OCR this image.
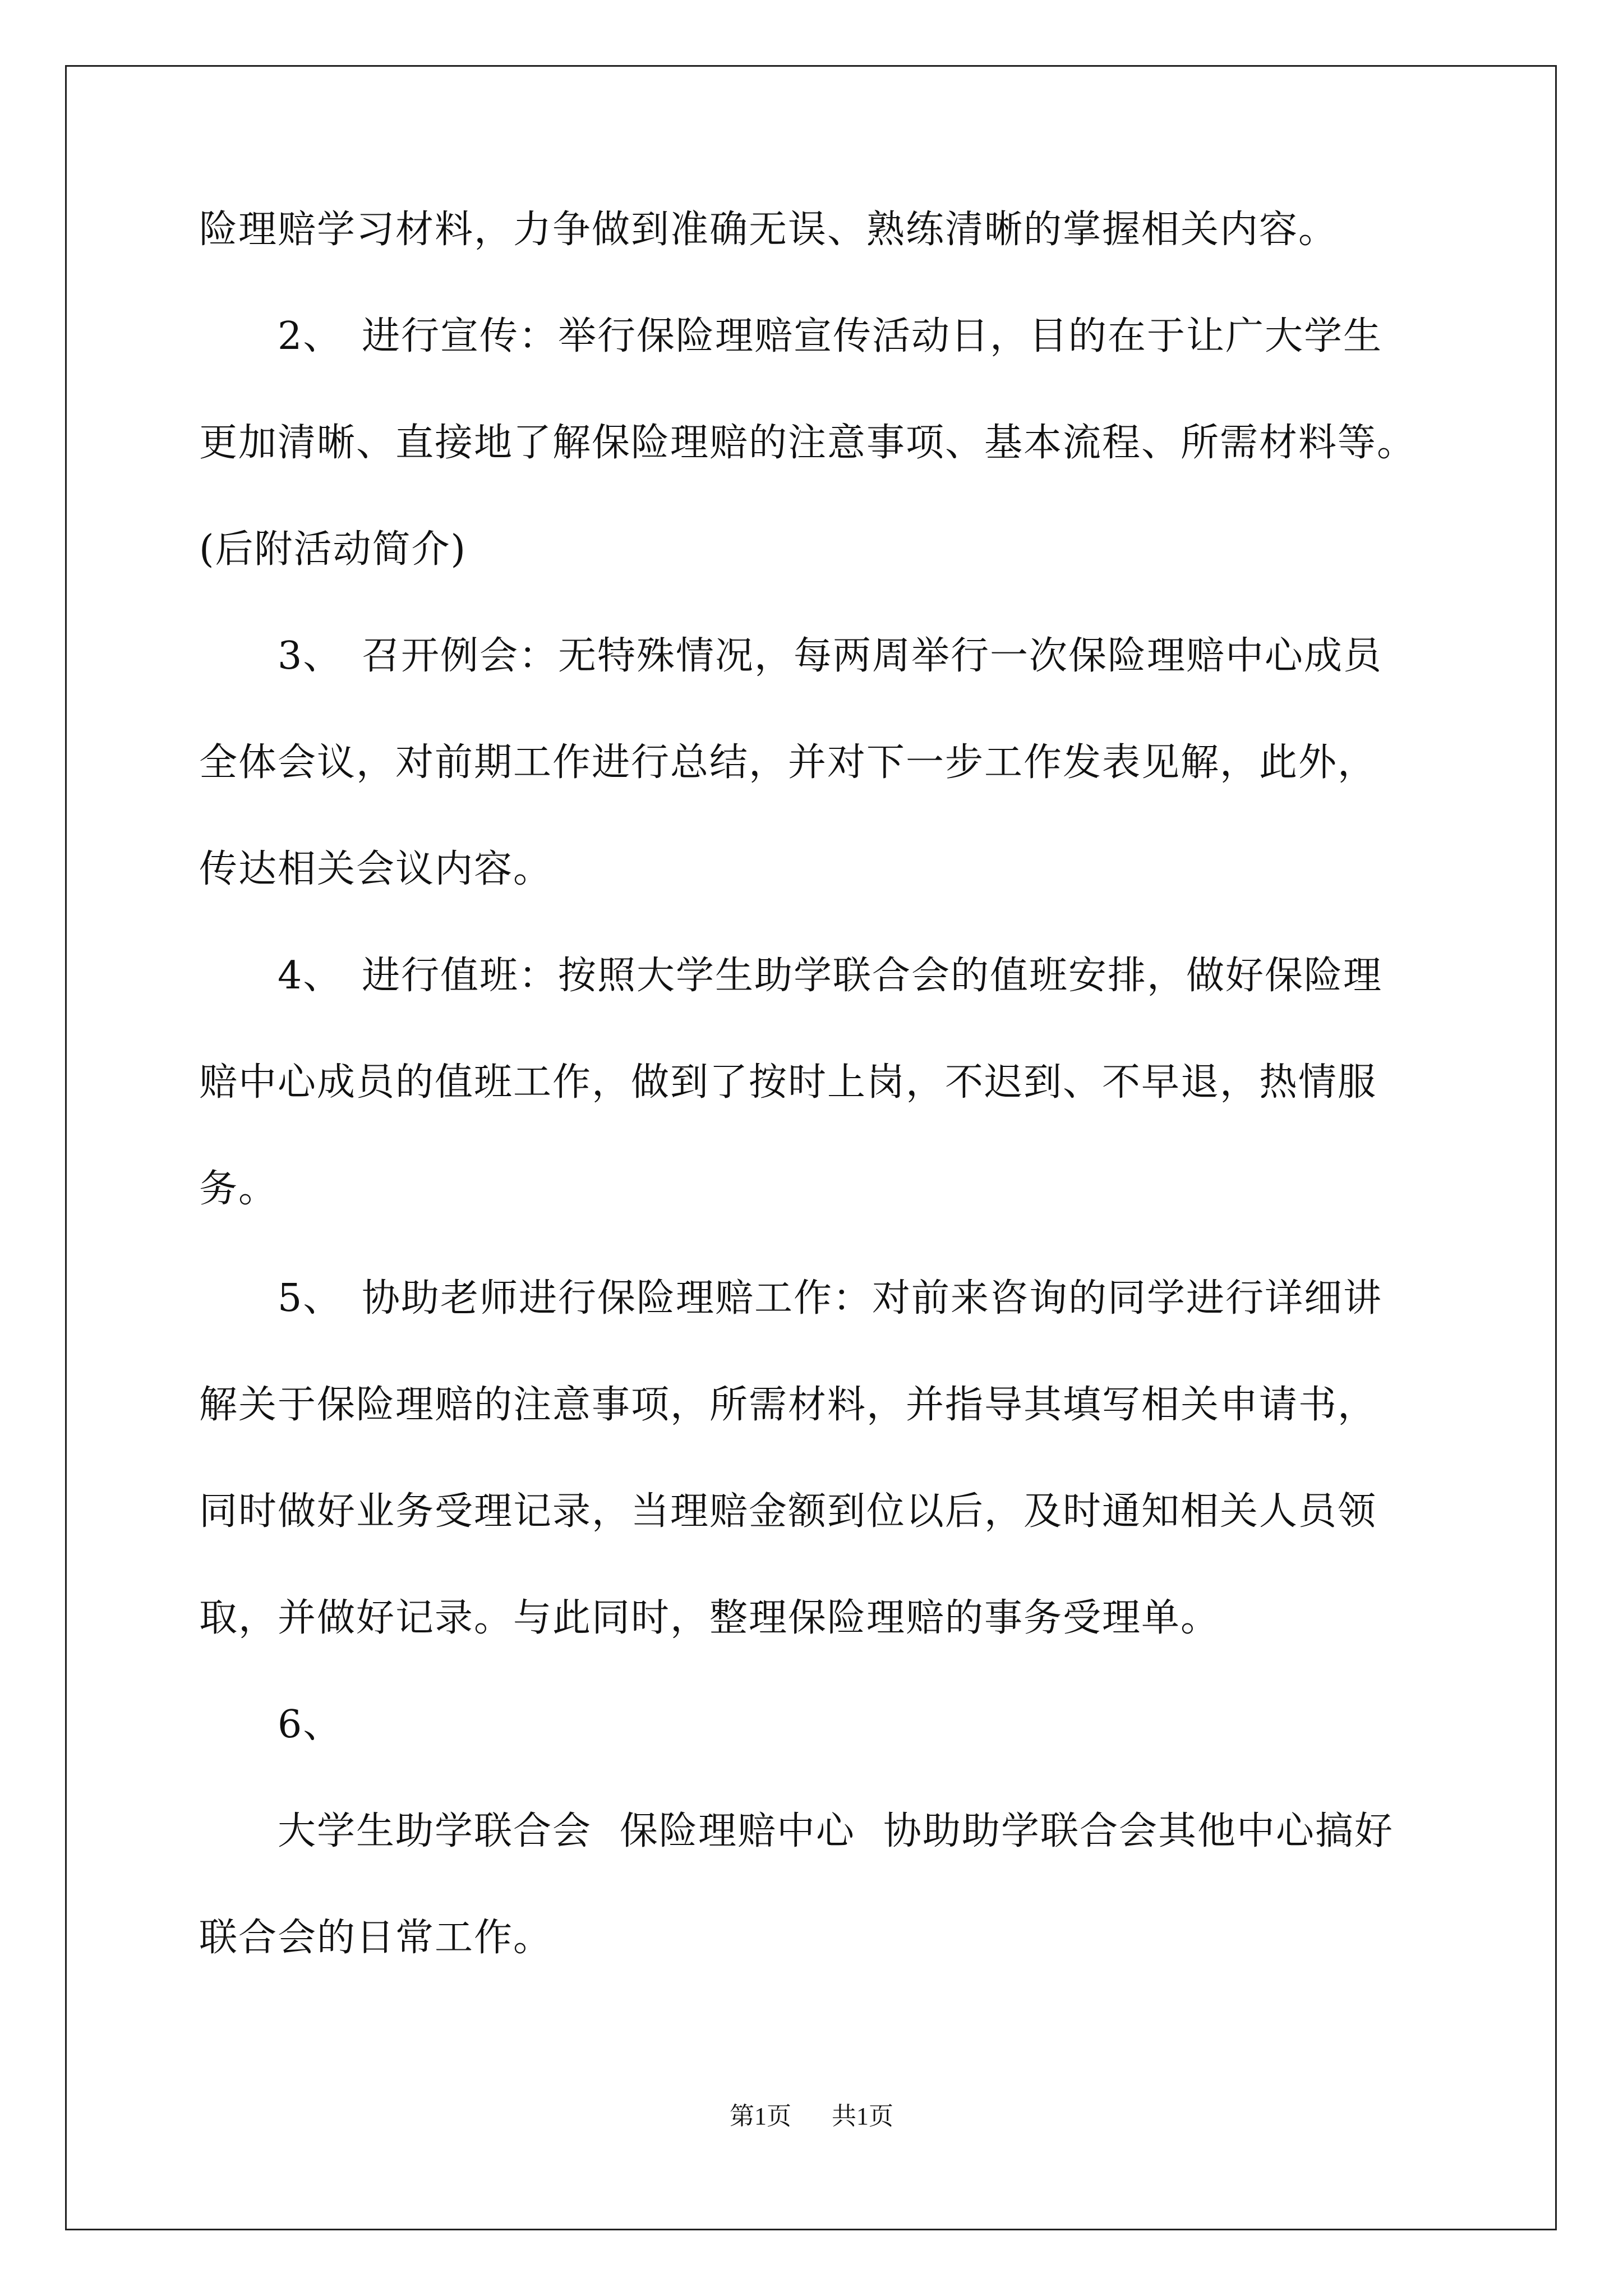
险理赔学习材料，力争做到准确无误、熟练清晰的掌握相关内容。
2、 进行宣传：举行保险理赔宣传活动日，目的在于让广大学生
更加清晰、直接地了解保险理赔的注意事项、基本流程、所需材料等。
(后附活动简介)
3、 召开例会：无特殊情况，每两周举行一次保险理赔中心成员
全体会议，对前期工作进行总结，并对下一步工作发表见解，此外，
传达相关会议内容。
4、 进行值班：按照大学生助学联合会的值班安排，做好保险理
赔中心成员的值班工作，做到了按时上岗，不迟到、不早退，热情服
务。
5、 协助老师进行保险理赔工作：对前来咨询的同学进行详细讲
解关于保险理赔的注意事项，所需材料，并指导其填写相关申请书，
同时做好业务受理记录，当理赔金额到位以后，及时通知相关人员领
取，并做好记录。与此同时，整理保险理赔的事务受理单。
6、
大学生助学联合会 保险理赔中心 协助助学联合会其他中心搞好
联合会的日常工作。
第1页 共1页
